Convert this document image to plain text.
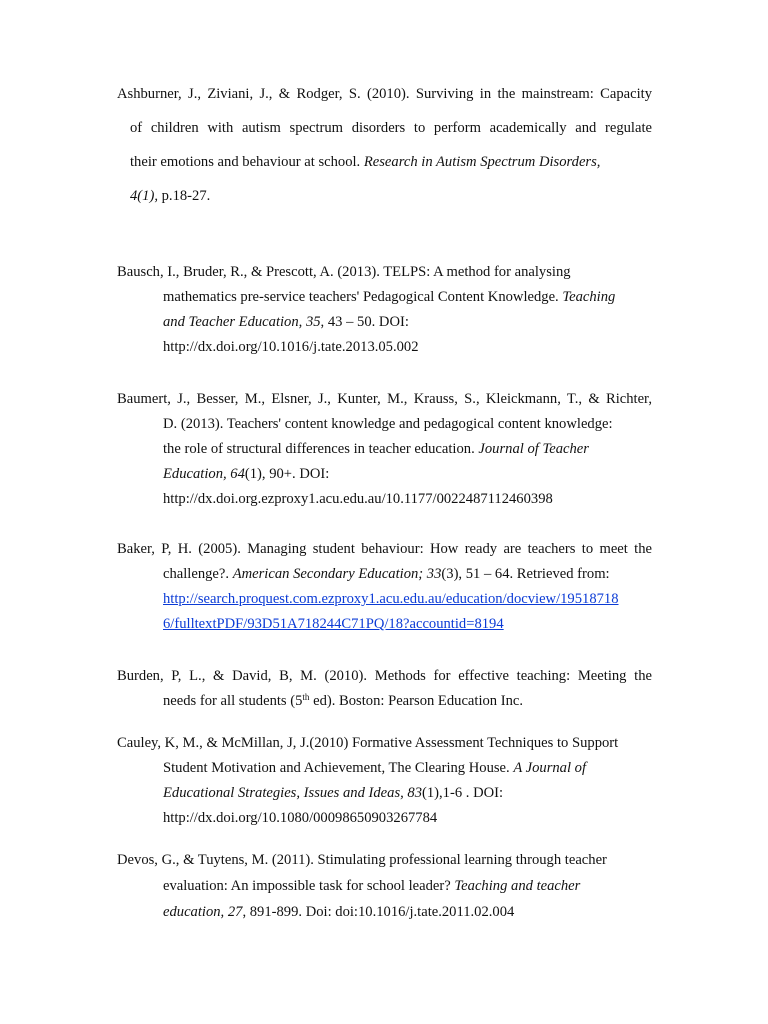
Ashburner, J., Ziviani, J., & Rodger, S. (2010). Surviving in the mainstream: Capacity
of children with autism spectrum disorders to perform academically and regulate
their emotions and behaviour at school. Research in Autism Spectrum Disorders,
4(1), p.18-27.
Bausch, I., Bruder, R., & Prescott, A. (2013). TELPS: A method for analysing
mathematics pre-service teachers' Pedagogical Content Knowledge. Teaching
and Teacher Education, 35, 43 – 50. DOI:
http://dx.doi.org/10.1016/j.tate.2013.05.002
Baumert, J., Besser, M., Elsner, J., Kunter, M., Krauss, S., Kleickmann, T., & Richter,
D. (2013). Teachers' content knowledge and pedagogical content knowledge:
the role of structural differences in teacher education. Journal of Teacher
Education, 64(1), 90+. DOI:
http://dx.doi.org.ezproxy1.acu.edu.au/10.1177/0022487112460398
Baker, P, H. (2005). Managing student behaviour: How ready are teachers to meet the
challenge?. American Secondary Education; 33(3), 51 – 64. Retrieved from:
http://search.proquest.com.ezproxy1.acu.edu.au/education/docview/19518718
6/fulltextPDF/93D51A718244C71PQ/18?accountid=8194
Burden, P, L., & David, B, M. (2010). Methods for effective teaching: Meeting the
needs for all students (5th ed). Boston: Pearson Education Inc.
Cauley, K, M., & McMillan, J, J.(2010) Formative Assessment Techniques to Support
Student Motivation and Achievement, The Clearing House. A Journal of
Educational Strategies, Issues and Ideas, 83(1),1-6 . DOI:
http://dx.doi.org/10.1080/00098650903267784
Devos, G., & Tuytens, M. (2011). Stimulating professional learning through teacher
evaluation: An impossible task for school leader? Teaching and teacher
education, 27, 891-899. Doi: doi:10.1016/j.tate.2011.02.004
